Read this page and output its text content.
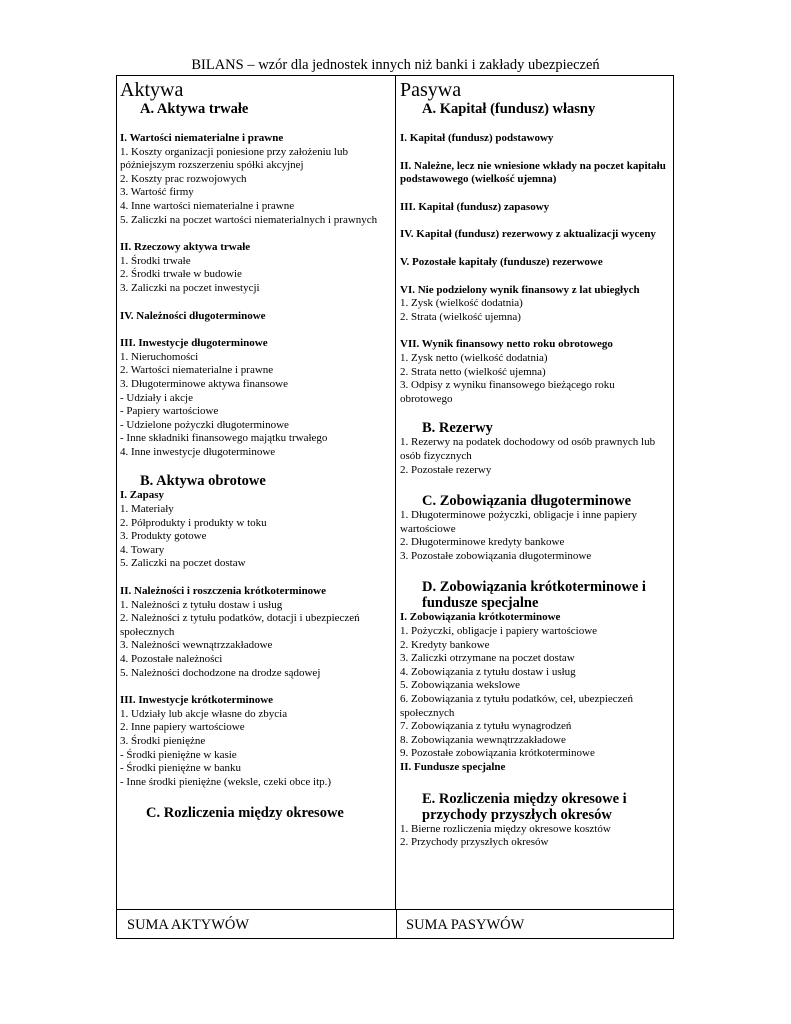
BILANS – wzór dla jednostek innych niż banki i zakłady ubezpieczeń
Aktywa
A. Aktywa trwałe
I. Wartości niematerialne i prawne
1. Koszty organizacji poniesione przy założeniu lub późniejszym rozszerzeniu spółki akcyjnej
2. Koszty prac rozwojowych
3. Wartość firmy
4. Inne wartości niematerialne i prawne
5. Zaliczki na poczet wartości niematerialnych i prawnych
II. Rzeczowy aktywa trwałe
1. Środki trwałe
2. Środki trwałe w budowie
3. Zaliczki na poczet inwestycji
IV. Należności długoterminowe
III. Inwestycje długoterminowe
1. Nieruchomości
2. Wartości niematerialne i prawne
3. Długoterminowe aktywa finansowe
- Udziały i akcje
- Papiery wartościowe
- Udzielone pożyczki długoterminowe
- Inne składniki finansowego majątku trwałego
4. Inne inwestycje długoterminowe
B. Aktywa obrotowe
I. Zapasy
1. Materiały
2. Półprodukty i produkty w toku
3. Produkty gotowe
4. Towary
5. Zaliczki na poczet dostaw
II. Należności i roszczenia krótkoterminowe
1. Należności z tytułu dostaw i usług
2. Należności z tytułu podatków, dotacji i ubezpieczeń społecznych
3. Należności wewnątrzzakładowe
4. Pozostałe należności
5. Należności dochodzone na drodze sądowej
III. Inwestycje krótkoterminowe
1. Udziały lub akcje własne do zbycia
2. Inne papiery wartościowe
3. Środki pieniężne
- Środki pieniężne w kasie
- Środki pieniężne w banku
- Inne środki pieniężne (weksle, czeki obce itp.)
C. Rozliczenia między okresowe
Pasywa
A. Kapitał (fundusz) własny
I. Kapitał (fundusz) podstawowy
II. Należne, lecz nie wniesione wkłady na poczet kapitału podstawowego (wielkość ujemna)
III. Kapitał (fundusz) zapasowy
IV. Kapitał (fundusz) rezerwowy z aktualizacji wyceny
V. Pozostałe kapitały (fundusze) rezerwowe
VI. Nie podzielony wynik finansowy z lat ubiegłych
1. Zysk (wielkość dodatnia)
2. Strata (wielkość ujemna)
VII. Wynik finansowy netto roku obrotowego
1. Zysk netto (wielkość dodatnia)
2. Strata netto (wielkość ujemna)
3. Odpisy z wyniku finansowego bieżącego roku obrotowego
B. Rezerwy
1. Rezerwy na podatek dochodowy od osób prawnych lub osób fizycznych
2. Pozostałe rezerwy
C. Zobowiązania długoterminowe
1. Długoterminowe pożyczki, obligacje i inne papiery wartościowe
2. Długoterminowe kredyty bankowe
3. Pozostałe zobowiązania długoterminowe
D. Zobowiązania krótkoterminowe i
fundusze specjalne
I. Zobowiązania krótkoterminowe
1. Pożyczki, obligacje i papiery wartościowe
2. Kredyty bankowe
3. Zaliczki otrzymane na poczet dostaw
4. Zobowiązania z tytułu dostaw i usług
5. Zobowiązania wekslowe
6. Zobowiązania z tytułu podatków, ceł, ubezpieczeń społecznych
7. Zobowiązania z tytułu wynagrodzeń
8. Zobowiązania wewnątrzzakładowe
9. Pozostałe zobowiązania krótkoterminowe
II. Fundusze specjalne
E. Rozliczenia między okresowe i
przychody przyszłych okresów
1. Bierne rozliczenia między okresowe kosztów
2. Przychody przyszłych okresów
SUMA AKTYWÓW	SUMA PASYWÓW
